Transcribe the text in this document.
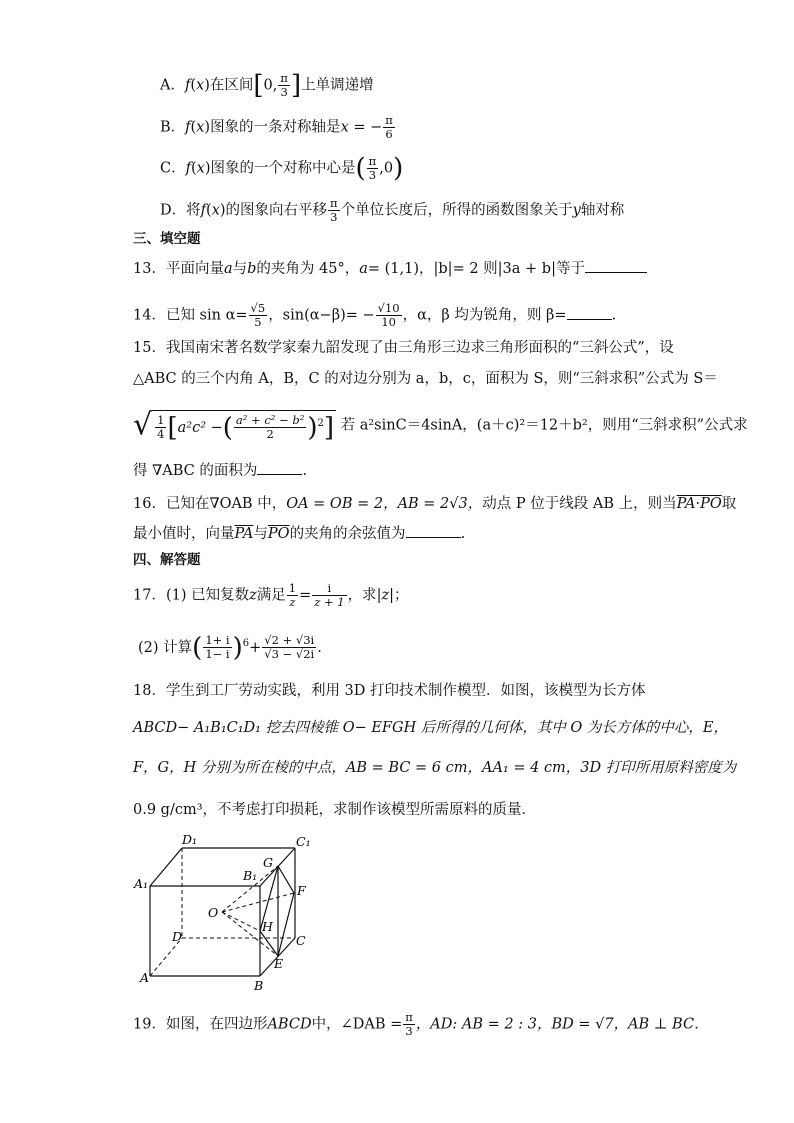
A．f(x)在区间[0, $\frac{\pi}{3}$ ]上单调递增
B．f(x)图象的一条对称轴是x = − $\frac{\pi}{6}$
C．f(x)图象的一个对称中心是( $\frac{\pi}{3} ,0$)
D．将f(x)的图象向右平移 $\frac{\pi}{3}$ 个单位长度后，所得的函数图象关于y轴对称
三、填空题
13．平面向量a与b的夹角为 45°，a= (1,1)，|b|= 2 则|3a + b|等于
14．已知 $\sin \alpha= \frac{√5}{5}$ ，$\sin(\alpha-\beta)= - \frac{√10}{10}$ ，α，β 均为锐角，则 β=	.
15．我国南宋著名数学家秦九韶发现了由三角形三边求三角形面积的“三斜公式”，设
△ABC 的三个内角 A，B，C 的对边分别为 a，b，c，面积为 S，则“三斜求积”公式为 S＝
√ $\frac{1}{4} [a^2c^2$ −( $\frac{\text{a² + c² − b²}}{2} )^2$] 若 a²sinC＝4sinA，(a＋c)²＝12＋b²，则用“三斜求积”公式求
得 ∇ABC 的面积为	.
16．已知在∇OAB 中，OA = OB = 2，AB = 2√3，动点 P 位于线段 AB 上，则当PA·PO取
最小值时，向量$\overline{PA}$与$\overline{PO}$的夹角的余弦值为	.
四、解答题
17．(1) 已知复数z满足 $\frac{1}{z} = \frac{i}{z + 1}$ ，求|z|；
(2) 计算( $\frac{1+ i}{1- i} )^6+ \frac{√2 + √3i}{√3 - √2i}$ .
18．学生到工厂劳动实践，利用 3D 打印技术制作模型．如图，该模型为长方体
ABCD− A₁B₁C₁D₁ 挖去四棱锥 O− EFGH 后所得的几何体，其中 O 为长方体的中心，E，
F，G，H 分别为所在棱的中点，AB = BC = 6 cm，AA₁ = 4 cm，3D 打印所用原料密度为
0.9 g/cm³，不考虑打印损耗，求制作该模型所需原料的质量．
D₁	C₁
A₁
B₁
G
F
O
H
D	C
A
E
B
19．如图，在四边形ABCD中，∠DAB = $\frac{\pi}{3}$ ，AD: AB = 2 : 3，BD = √7，AB ⊥ BC．
